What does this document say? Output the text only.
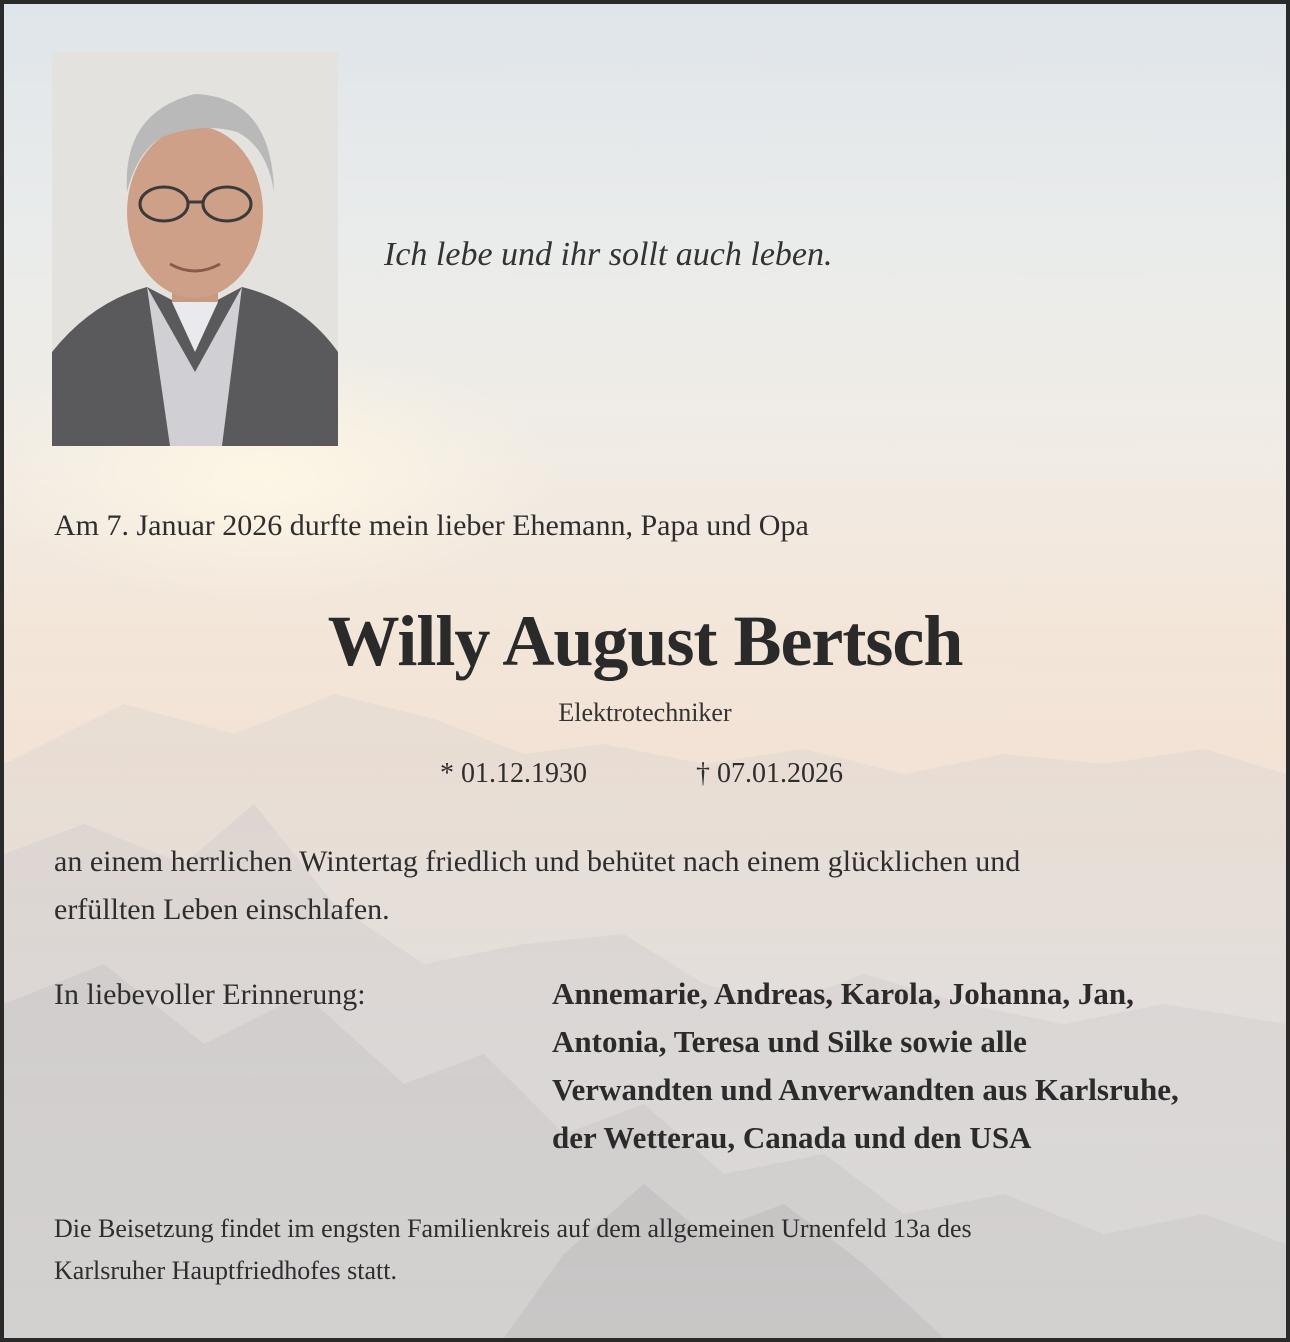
Ich lebe und ihr sollt auch leben.
Am 7. Januar 2026 durfte mein lieber Ehemann, Papa und Opa
Willy August Bertsch
Elektrotechniker
* 01.12.1930	† 07.01.2026
an einem herrlichen Wintertag friedlich und behütet nach einem glücklichen und
erfüllten Leben einschlafen.
In liebevoller Erinnerung:	Annemarie, Andreas, Karola, Johanna, Jan,
Antonia, Teresa und Silke sowie alle
Verwandten und Anverwandten aus Karlsruhe,
der Wetterau, Canada und den USA
Die Beisetzung findet im engsten Familienkreis auf dem allgemeinen Urnenfeld 13a des
Karlsruher Hauptfriedhofes statt.
